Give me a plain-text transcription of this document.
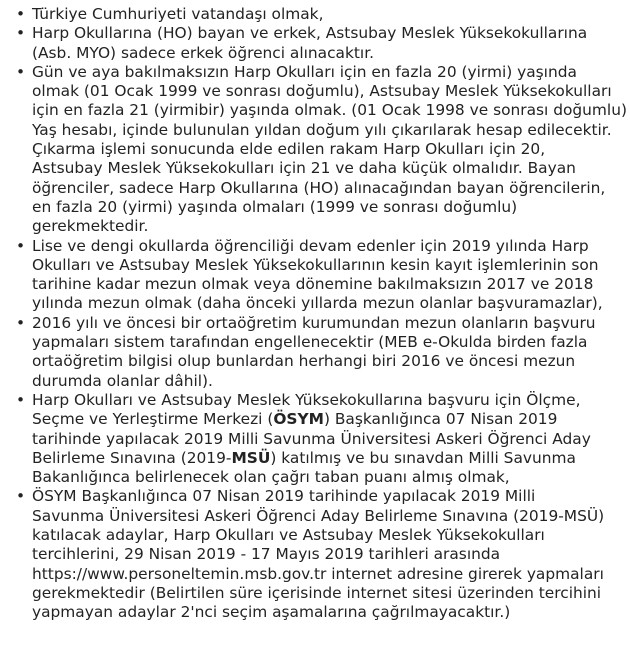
• Türkiye Cumhuriyeti vatandaşı olmak,
• Harp Okullarına (HO) bayan ve erkek, Astsubay Meslek Yüksekokullarına
(Asb. MYO) sadece erkek öğrenci alınacaktır.
• Gün ve aya bakılmaksızın Harp Okulları için en fazla 20 (yirmi) yaşında
olmak (01 Ocak 1999 ve sonrası doğumlu), Astsubay Meslek Yüksekokulları
için en fazla 21 (yirmibir) yaşında olmak. (01 Ocak 1998 ve sonrası doğumlu)
Yaş hesabı, içinde bulunulan yıldan doğum yılı çıkarılarak hesap edilecektir.
Çıkarma işlemi sonucunda elde edilen rakam Harp Okulları için 20,
Astsubay Meslek Yüksekokulları için 21 ve daha küçük olmalıdır. Bayan
öğrenciler, sadece Harp Okullarına (HO) alınacağından bayan öğrencilerin,
en fazla 20 (yirmi) yaşında olmaları (1999 ve sonrası doğumlu)
gerekmektedir.
• Lise ve dengi okullarda öğrenciliği devam edenler için 2019 yılında Harp
Okulları ve Astsubay Meslek Yüksekokullarının kesin kayıt işlemlerinin son
tarihine kadar mezun olmak veya dönemine bakılmaksızın 2017 ve 2018
yılında mezun olmak (daha önceki yıllarda mezun olanlar başvuramazlar),
• 2016 yılı ve öncesi bir ortaöğretim kurumundan mezun olanların başvuru
yapmaları sistem tarafından engellenecektir (MEB e-Okulda birden fazla
ortaöğretim bilgisi olup bunlardan herhangi biri 2016 ve öncesi mezun
durumda olanlar dâhil).
• Harp Okulları ve Astsubay Meslek Yüksekokullarına başvuru için Ölçme,
Seçme ve Yerleştirme Merkezi (ÖSYM) Başkanlığınca 07 Nisan 2019
tarihinde yapılacak 2019 Milli Savunma Üniversitesi Askeri Öğrenci Aday
Belirleme Sınavına (2019-MSÜ) katılmış ve bu sınavdan Milli Savunma
Bakanlığınca belirlenecek olan çağrı taban puanı almış olmak,
• ÖSYM Başkanlığınca 07 Nisan 2019 tarihinde yapılacak 2019 Milli
Savunma Üniversitesi Askeri Öğrenci Aday Belirleme Sınavına (2019-MSÜ)
katılacak adaylar, Harp Okulları ve Astsubay Meslek Yüksekokulları
tercihlerini, 29 Nisan 2019 - 17 Mayıs 2019 tarihleri arasında
https://www.personeltemin.msb.gov.tr internet adresine girerek yapmaları
gerekmektedir (Belirtilen süre içerisinde internet sitesi üzerinden tercihini
yapmayan adaylar 2'nci seçim aşamalarına çağrılmayacaktır.)
